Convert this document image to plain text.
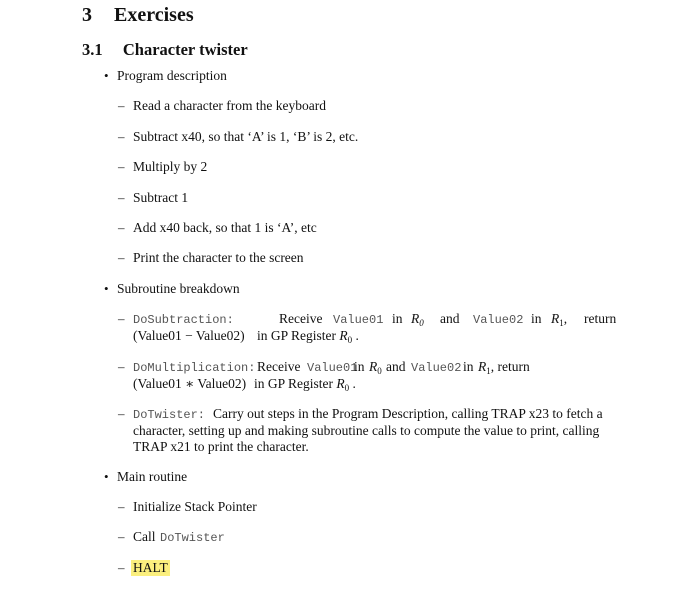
3 Exercises
3.1 Character twister
• Program description
– Read a character from the keyboard
– Subtract x40, so that ‘A’ is 1, ‘B’ is 2, etc.
– Multiply by 2
– Subtract 1
– Add x40 back, so that 1 is ‘A’, etc
– Print the character to the screen
• Subroutine breakdown
– DoSubtraction:	Receive Value01 in $R_0$ and Value02 in $R_1$, return
(Value01 − Value02) in GP Register $R_0$ .
– DoMultiplication: Receive Value01
in $R_0$ and Value02 in $R_1$, return
(Value01 ∗ Value02) in GP Register $R_0$ .
– DoTwister: Carry out steps in the Program Description, calling TRAP x23 to fetch a character, setting up and making subroutine calls to compute the value to print, calling TRAP x21 to print the character.
• Main routine
– Initialize Stack Pointer
– Call DoTwister
– HALT
